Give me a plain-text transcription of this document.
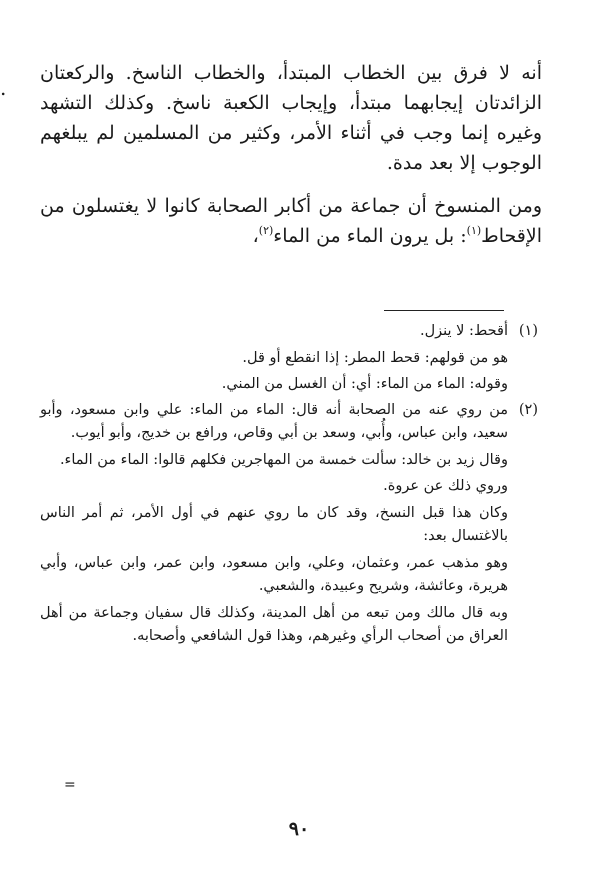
.

أنه لا فرق بين الخطاب المبتدأ، والخطاب الناسخ. والركعتان الزائدتان إيجابهما مبتدأ، وإيجاب الكعبة ناسخ. وكذلك التشهد وغيره إنما وجب في أثناء الأمر، وكثير من المسلمين لم يبلغهم الوجوب إلا بعد مدة.

ومن المنسوخ أن جماعة من أكابر الصحابة كانوا لا يغتسلون من الإقحاط$^{(١)}$: بل يرون الماء من الماء$^{(٢)}$،

(١)

أقحط: لا ينزل.

هو من قولهم: قحط المطر: إذا انقطع أو قل.

وقوله: الماء من الماء: أي: أن الغسل من المني.

(٢)

من روي عنه من الصحابة أنه قال: الماء من الماء: علي وابن مسعود، وأبو سعيد، وابن عباس، وأُبي، وسعد بن أبي وقاص، ورافع بن خديج، وأبو أيوب.

وقال زيد بن خالد: سألت خمسة من المهاجرين فكلهم قالوا: الماء من الماء.

وروي ذلك عن عروة.

وكان هذا قبل النسخ، وقد كان ما روي عنهم في أول الأمر، ثم أمر الناس بالاغتسال بعد:

وهو مذهب عمر، وعثمان، وعلي، وابن مسعود، وابن عمر، وابن عباس، وأبي هريرة، وعائشة، وشريح وعبيدة، والشعبي.

وبه قال مالك ومن تبعه من أهل المدينة، وكذلك قال سفيان وجماعة من أهل العراق من أصحاب الرأي وغيرهم، وهذا قول الشافعي وأصحابه.

=
٩٠
